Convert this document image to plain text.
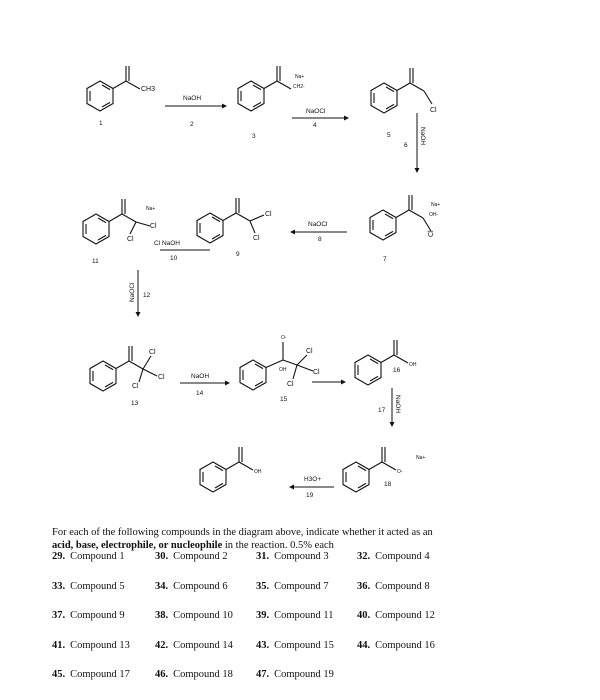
CH3
1
NaOH
2
Na+
CH2-
3
NaOCl
4
Cl
5	NaOH
6
Na+
OH-
Cl
7
NaOCl
8
Cl
Cl
9
Na+
Cl
Cl
11
Cl NaOH
10
NaOCl 12
Cl
Cl
Cl
13
NaOH
14
O-
OH
Cl
Cl
Cl
15
OH
16
NaOH
17
Na+
O-
18
H3O+
19
OH
For each of the following compounds in the diagram above, indicate whether it acted as an
acid, base, electrophile, or nucleophile in the reaction. 0.5% each
29. Compound 1	30. Compound 2	31. Compound 3	32. Compound 4
33. Compound 5	34. Compound 6	35. Compound 7	36. Compound 8
37. Compound 9	38. Compound 10	39. Compound 11	40. Compound 12
41. Compound 13	42. Compound 14	43. Compound 15	44. Compound 16
45. Compound 17	46. Compound 18	47. Compound 19
